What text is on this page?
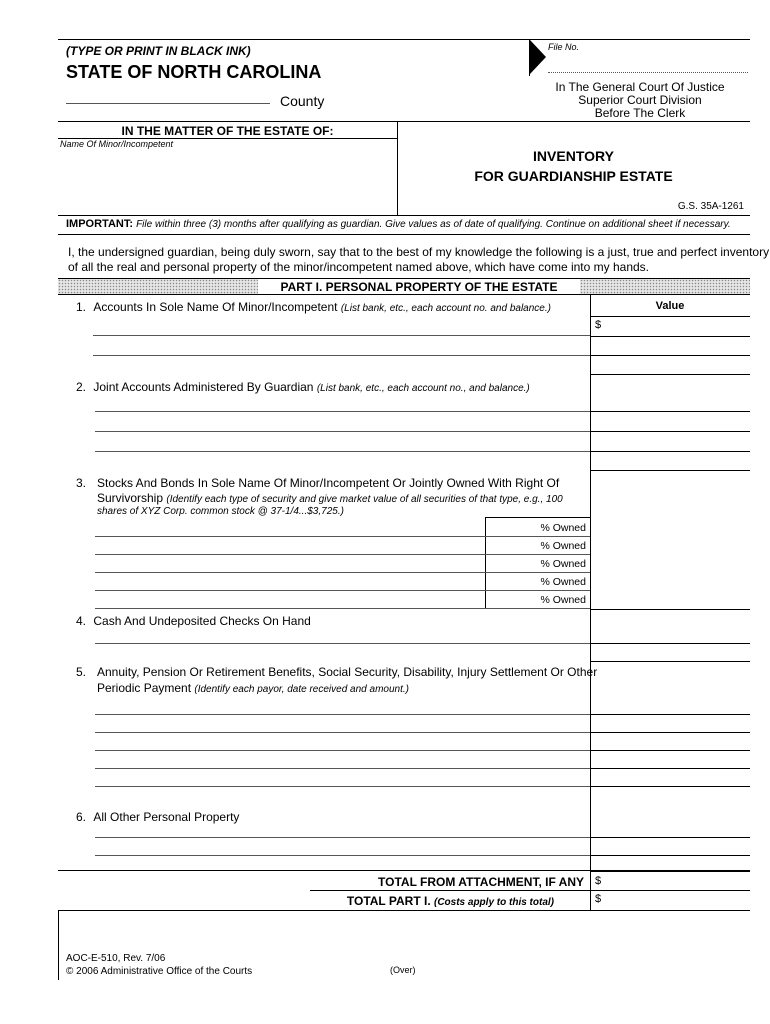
(TYPE OR PRINT IN BLACK INK)	File No.
STATE OF NORTH CAROLINA
County
In The General Court Of Justice
Superior Court Division
Before The Clerk
IN THE MATTER OF THE ESTATE OF:
Name Of Minor/Incompetent
INVENTORY
FOR GUARDIANSHIP ESTATE
G.S. 35A-1261
IMPORTANT: File within three (3) months after qualifying as guardian. Give values as of date of qualifying. Continue on additional sheet if necessary.
I, the undersigned guardian, being duly sworn, say that to the best of my knowledge the following is a just, true and perfect inventory
of all the real and personal property of the minor/incompetent named above, which have come into my hands.
PART I. PERSONAL PROPERTY OF THE ESTATE
Value
$
1. Accounts In Sole Name Of Minor/Incompetent (List bank, etc., each account no. and balance.)
2. Joint Accounts Administered By Guardian (List bank, etc., each account no., and balance.)
3. Stocks And Bonds In Sole Name Of Minor/Incompetent Or Jointly Owned With Right Of
Survivorship (Identify each type of security and give market value of all securities of that type, e.g., 100
shares of XYZ Corp. common stock @ 37-1/4...$3,725.)
% Owned
% Owned
% Owned
% Owned
% Owned
4. Cash And Undeposited Checks On Hand
5. Annuity, Pension Or Retirement Benefits, Social Security, Disability, Injury Settlement Or Other
Periodic Payment (Identify each payor, date received and amount.)
6. All Other Personal Property
TOTAL FROM ATTACHMENT, IF ANY $
TOTAL PART I. (Costs apply to this total)	$
AOC-E-510, Rev. 7/06
© 2006 Administrative Office of the Courts	(Over)
